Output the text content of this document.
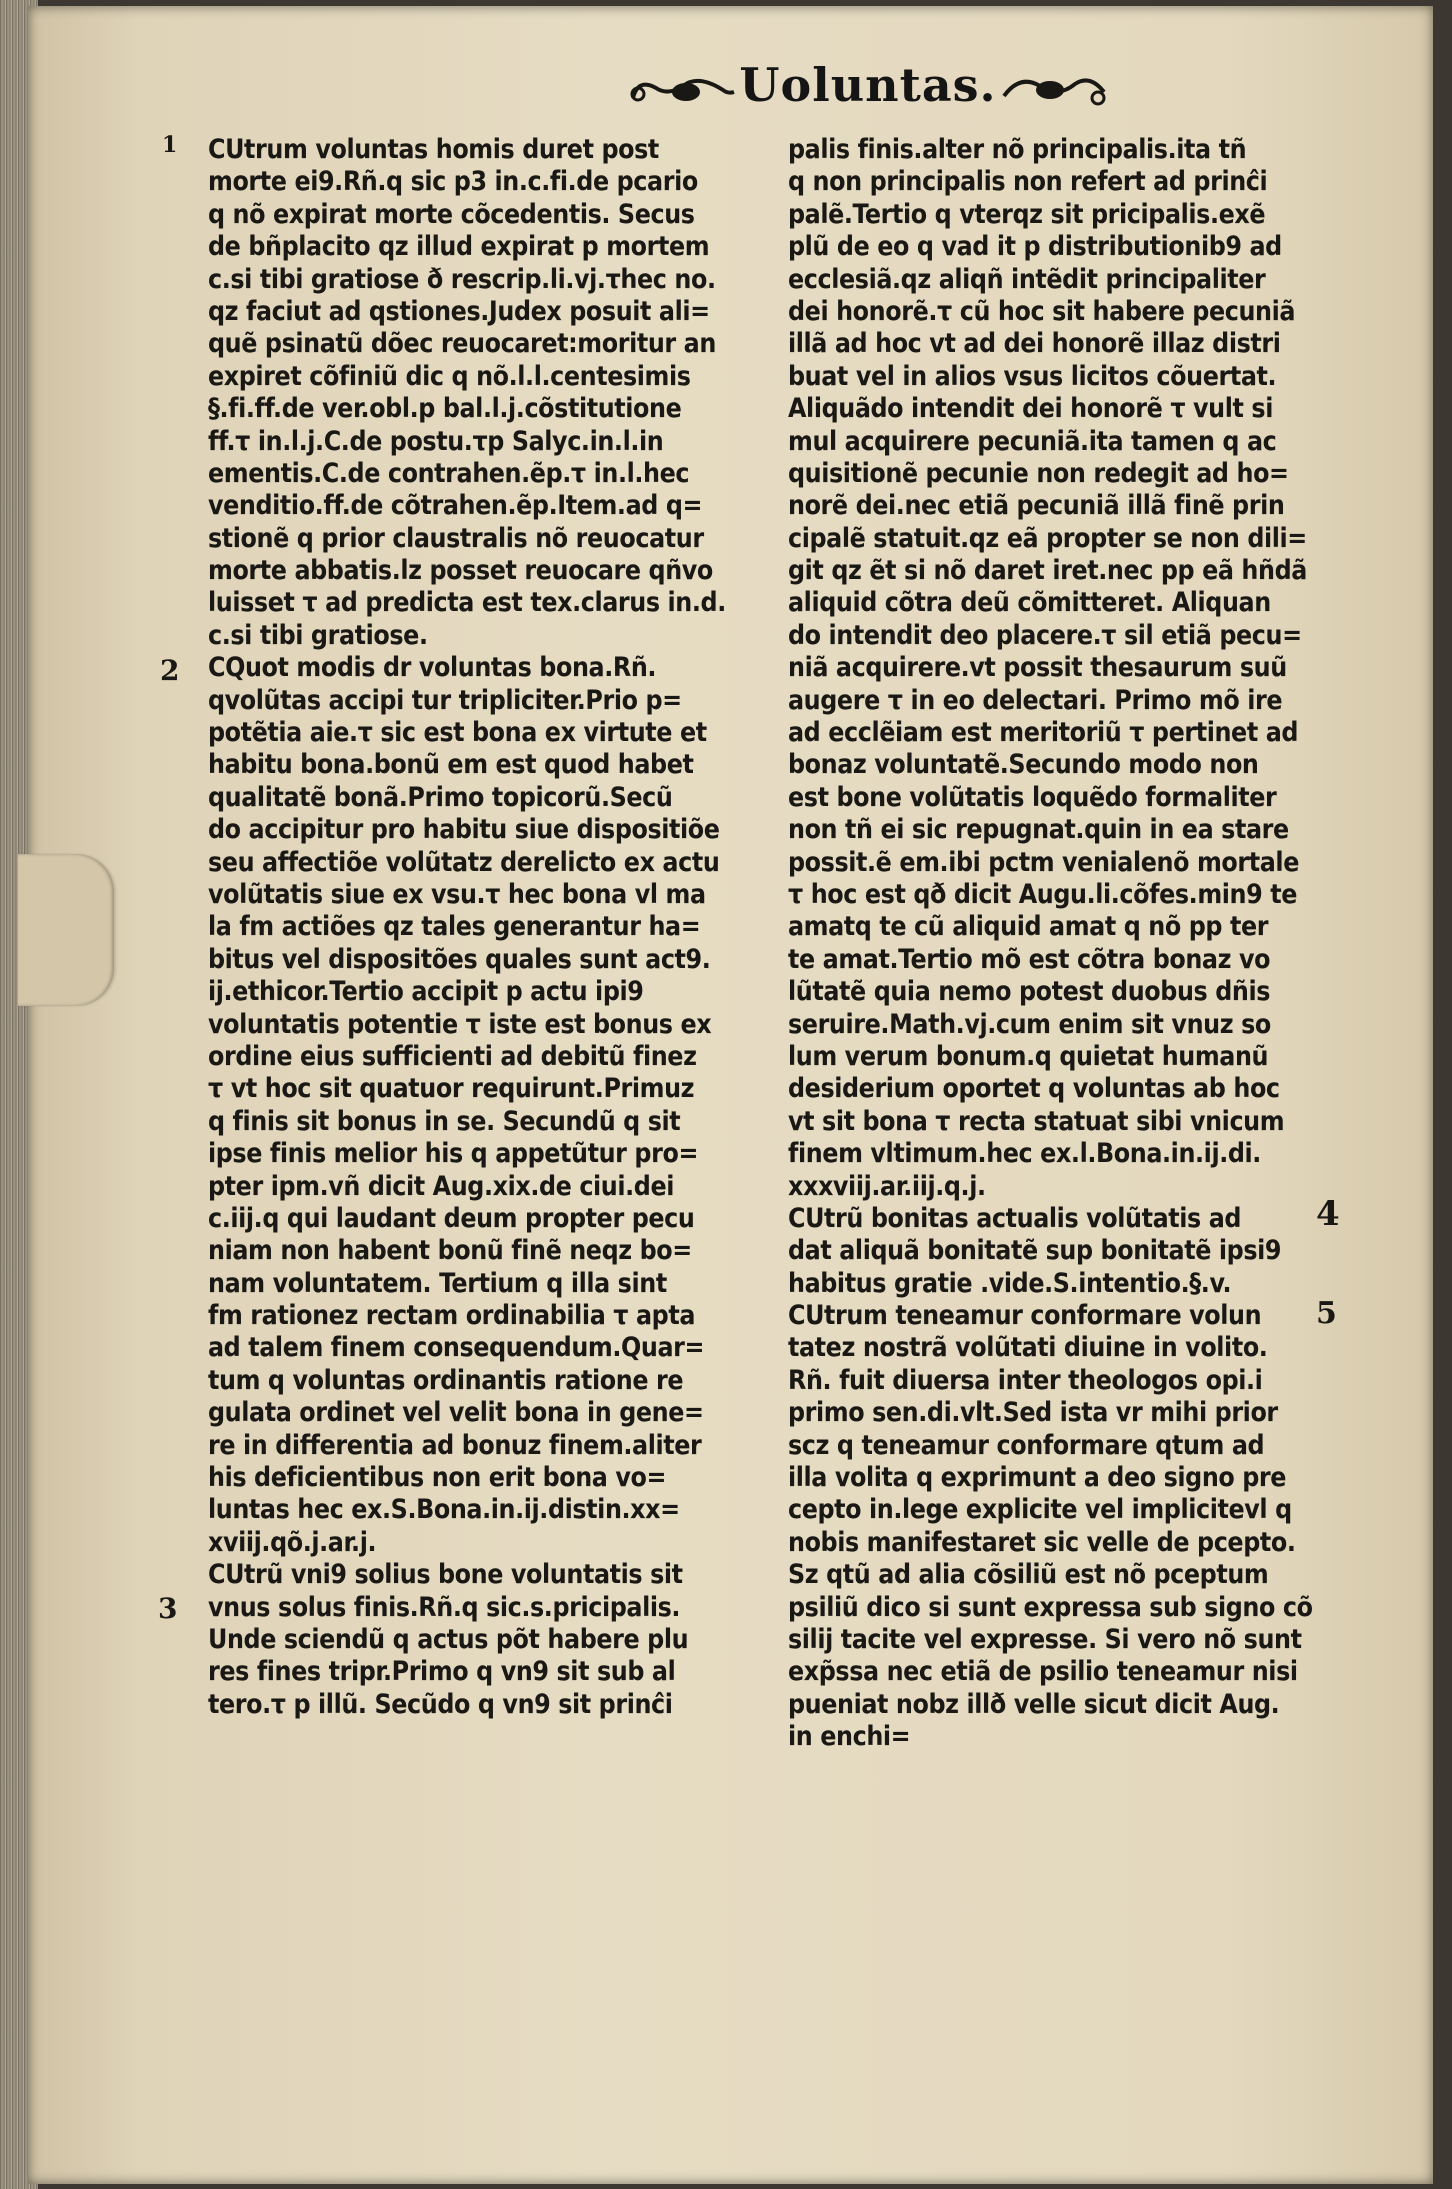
Uoluntas.
1
2
3
4
5
CUtrum voluntas homis duret post
morte ei9.Rñ.q sic p3 in.c.fi.de pcario
q nõ expirat morte cõcedentis. Secus
de bñplacito qz illud expirat p mortem
c.si tibi gratiose ð rescrip.li.vj.τhec no.
qz faciut ad qstiones.Judex posuit ali=
quẽ psinatũ dõec reuocaret:moritur an
expiret cõfiniũ dic q nõ.l.l.centesimis
§.fi.ff.de ver.obl.p bal.l.j.cõstitutione
ff.τ in.l.j.C.de postu.τp Salyc.in.l.in
ementis.C.de contrahen.ẽp.τ in.l.hec
venditio.ff.de cõtrahen.ẽp.Item.ad q=
stionẽ q prior claustralis nõ reuocatur
morte abbatis.lz posset reuocare qñvo
luisset τ ad predicta est tex.clarus in.d.
c.si tibi gratiose.
CQuot modis dr voluntas bona.Rñ.
qvolũtas accipi tur tripliciter.Prio p=
potẽtia aie.τ sic est bona ex virtute et
habitu bona.bonũ em est quod habet
qualitatẽ bonã.Primo topicorũ.Secũ
do accipitur pro habitu siue dispositiõe
seu affectiõe volũtatz derelicto ex actu
volũtatis siue ex vsu.τ hec bona vl ma
la fm actiões qz tales generantur ha=
bitus vel dispositões quales sunt act9.
ij.ethicor.Tertio accipit p actu ipi9
voluntatis potentie τ iste est bonus ex
ordine eius sufficienti ad debitũ finez
τ vt hoc sit quatuor requirunt.Primuz
q finis sit bonus in se. Secundũ q sit
ipse finis melior his q appetũtur pro=
pter ipm.vñ dicit Aug.xix.de ciui.dei
c.iij.q qui laudant deum propter pecu
niam non habent bonũ finẽ neqz bo=
nam voluntatem. Tertium q illa sint
fm rationez rectam ordinabilia τ apta
ad talem finem consequendum.Quar=
tum q voluntas ordinantis ratione re
gulata ordinet vel velit bona in gene=
re in differentia ad bonuz finem.aliter
his deficientibus non erit bona vo=
luntas hec ex.S.Bona.in.ij.distin.xx=
xviij.qõ.j.ar.j.
CUtrũ vni9 solius bone voluntatis sit
vnus solus finis.Rñ.q sic.s.pricipalis.
Unde sciendũ q actus põt habere plu
res fines tripr.Primo q vn9 sit sub al
tero.τ p illũ. Secũdo q vn9 sit prinĉi
palis finis.alter nõ principalis.ita tñ
q non principalis non refert ad prinĉi
palẽ.Tertio q vterqz sit pricipalis.exẽ
plũ de eo q vad it p distributionib9 ad
ecclesiã.qz aliqñ intẽdit principaliter
dei honorẽ.τ cũ hoc sit habere pecuniã
illã ad hoc vt ad dei honorẽ illaz distri
buat vel in alios vsus licitos cõuertat.
Aliquãdo intendit dei honorẽ τ vult si
mul acquirere pecuniã.ita tamen q ac
quisitionẽ pecunie non redegit ad ho=
norẽ dei.nec etiã pecuniã illã finẽ prin
cipalẽ statuit.qz eã propter se non dili=
git qz ẽt si nõ daret iret.nec pp eã hñdã
aliquid cõtra deũ cõmitteret. Aliquan
do intendit deo placere.τ sil etiã pecu=
niã acquirere.vt possit thesaurum suũ
augere τ in eo delectari. Primo mõ ire
ad ecclẽiam est meritoriũ τ pertinet ad
bonaz voluntatẽ.Secundo modo non
est bone volũtatis loquẽdo formaliter
non tñ ei sic repugnat.quin in ea stare
possit.ẽ em.ibi pctm venialenõ mortale
τ hoc est qð dicit Augu.li.cõfes.min9 te
amatq te cũ aliquid amat q nõ pp ter
te amat.Tertio mõ est cõtra bonaz vo
lũtatẽ quia nemo potest duobus dñis
seruire.Math.vj.cum enim sit vnuz so
lum verum bonum.q quietat humanũ
desiderium oportet q voluntas ab hoc
vt sit bona τ recta statuat sibi vnicum
finem vltimum.hec ex.l.Bona.in.ij.di.
xxxviij.ar.iij.q.j.
CUtrũ bonitas actualis volũtatis ad
dat aliquã bonitatẽ sup bonitatẽ ipsi9
habitus gratie .vide.S.intentio.§.v.
CUtrum teneamur conformare volun
tatez nostrã volũtati diuine in volito.
Rñ. fuit diuersa inter theologos opi.i
primo sen.di.vlt.Sed ista vr mihi prior
scz q teneamur conformare qtum ad
illa volita q exprimunt a deo signo pre
cepto in.lege explicite vel implicitevl q
nobis manifestaret sic velle de pcepto.
Sz qtũ ad alia cõsiliũ est nõ pceptum
psiliũ dico si sunt expressa sub signo cõ
silij tacite vel expresse. Si vero nõ sunt
exp̃ssa nec etiã de psilio teneamur nisi
pueniat nobz illð velle sicut dicit Aug.
in enchi=
